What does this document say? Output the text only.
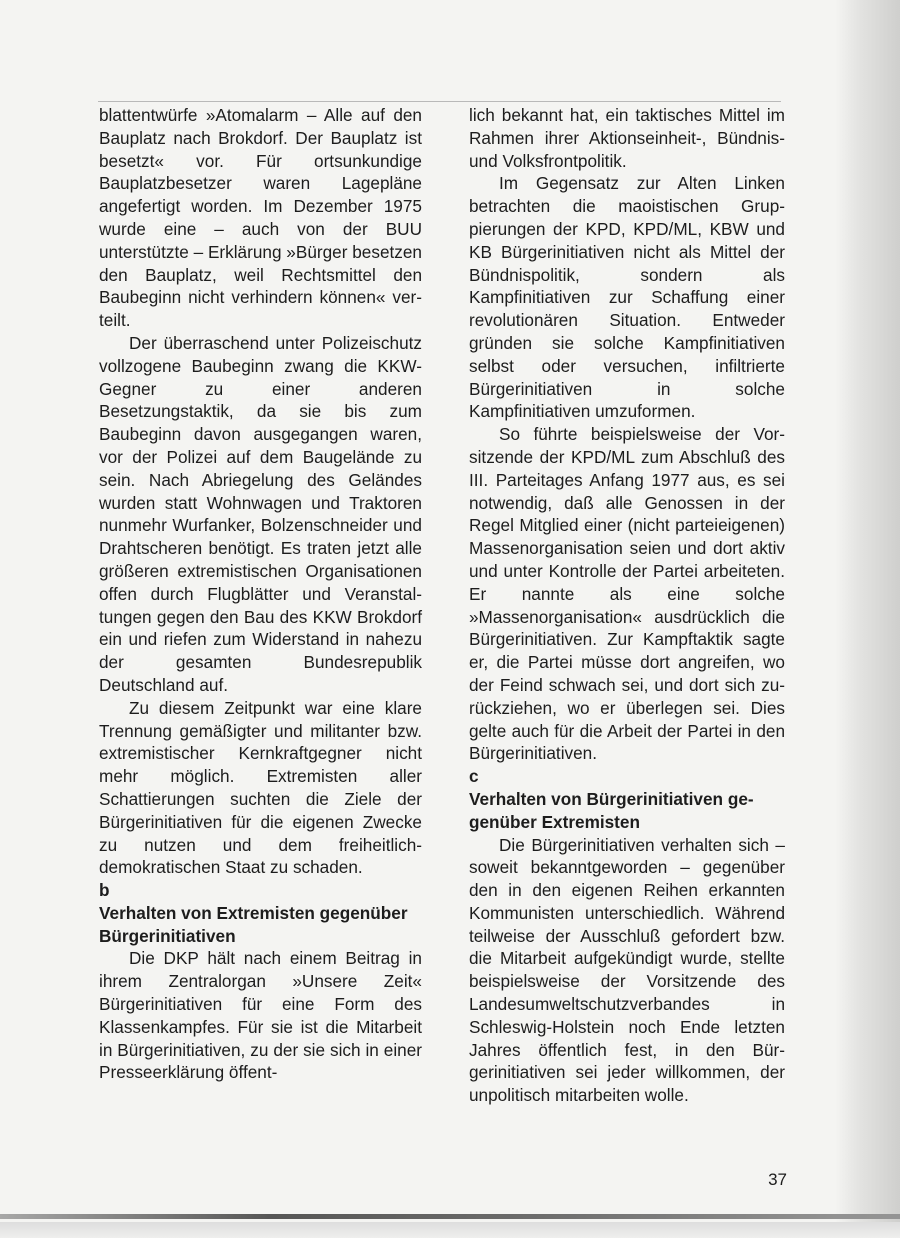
blattentwürfe »Atomalarm – Alle auf den Bauplatz nach Brokdorf. Der Bauplatz ist besetzt« vor. Für ortsunkundige Bauplatzbesetzer waren Lagepläne angefertigt worden. Im Dezember 1975 wurde eine – auch von der BUU unterstützte – Erklärung »Bürger besetzen den Bauplatz, weil Rechtsmittel den Baubeginn nicht verhindern können« verteilt.

Der überraschend unter Polizeischutz vollzogene Baubeginn zwang die KKW-Gegner zu einer anderen Besetzungstaktik, da sie bis zum Baubeginn davon ausgegangen waren, vor der Polizei auf dem Baugelände zu sein. Nach Abriegelung des Geländes wurden statt Wohnwagen und Traktoren nunmehr Wurfanker, Bolzenschneider und Drahtscheren benötigt. Es traten jetzt alle größeren extremistischen Organisationen offen durch Flugblätter und Veranstaltungen gegen den Bau des KKW Brokdorf ein und riefen zum Widerstand in nahezu der gesamten Bundesrepublik Deutschland auf.

Zu diesem Zeitpunkt war eine klare Trennung gemäßigter und militanter bzw. extremistischer Kernkraftgegner nicht mehr möglich. Extremisten aller Schattierungen suchten die Ziele der Bürgerinitiativen für die eigenen Zwecke zu nutzen und dem freiheitlich-demokratischen Staat zu schaden.

b

Verhalten von Extremisten gegenüber Bürgerinitiativen

Die DKP hält nach einem Beitrag in ihrem Zentralorgan »Unsere Zeit« Bürgerinitiativen für eine Form des Klassenkampfes. Für sie ist die Mitarbeit in Bürgerinitiativen, zu der sie sich in einer Presseerklärung öffent-

lich bekannt hat, ein taktisches Mittel im Rahmen ihrer Aktionseinheit-, Bündnis- und Volksfrontpolitik.

Im Gegensatz zur Alten Linken betrachten die maoistischen Gruppierungen der KPD, KPD/ML, KBW und KB Bürgerinitiativen nicht als Mittel der Bündnispolitik, sondern als Kampfinitiativen zur Schaffung einer revolutionären Situation. Entweder gründen sie solche Kampfinitiativen selbst oder versuchen, infiltrierte Bürgerinitiativen in solche Kampfinitiativen umzuformen.

So führte beispielsweise der Vorsitzende der KPD/ML zum Abschluß des III. Parteitages Anfang 1977 aus, es sei notwendig, daß alle Genossen in der Regel Mitglied einer (nicht parteieigenen) Massenorganisation seien und dort aktiv und unter Kontrolle der Partei arbeiteten. Er nannte als eine solche »Massenorganisation« ausdrücklich die Bürgerinitiativen. Zur Kampftaktik sagte er, die Partei müsse dort angreifen, wo der Feind schwach sei, und dort sich zurückziehen, wo er überlegen sei. Dies gelte auch für die Arbeit der Partei in den Bürgerinitiativen.

c

Verhalten von Bürgerinitiativen gegenüber Extremisten

Die Bürgerinitiativen verhalten sich – soweit bekanntgeworden – gegenüber den in den eigenen Reihen erkannten Kommunisten unterschiedlich. Während teilweise der Ausschluß gefordert bzw. die Mitarbeit aufgekündigt wurde, stellte beispielsweise der Vorsitzende des Landesumweltschutzverbandes in Schleswig-Holstein noch Ende letzten Jahres öffentlich fest, in den Bürgerinitiativen sei jeder willkommen, der unpolitisch mitarbeiten wolle.

37
